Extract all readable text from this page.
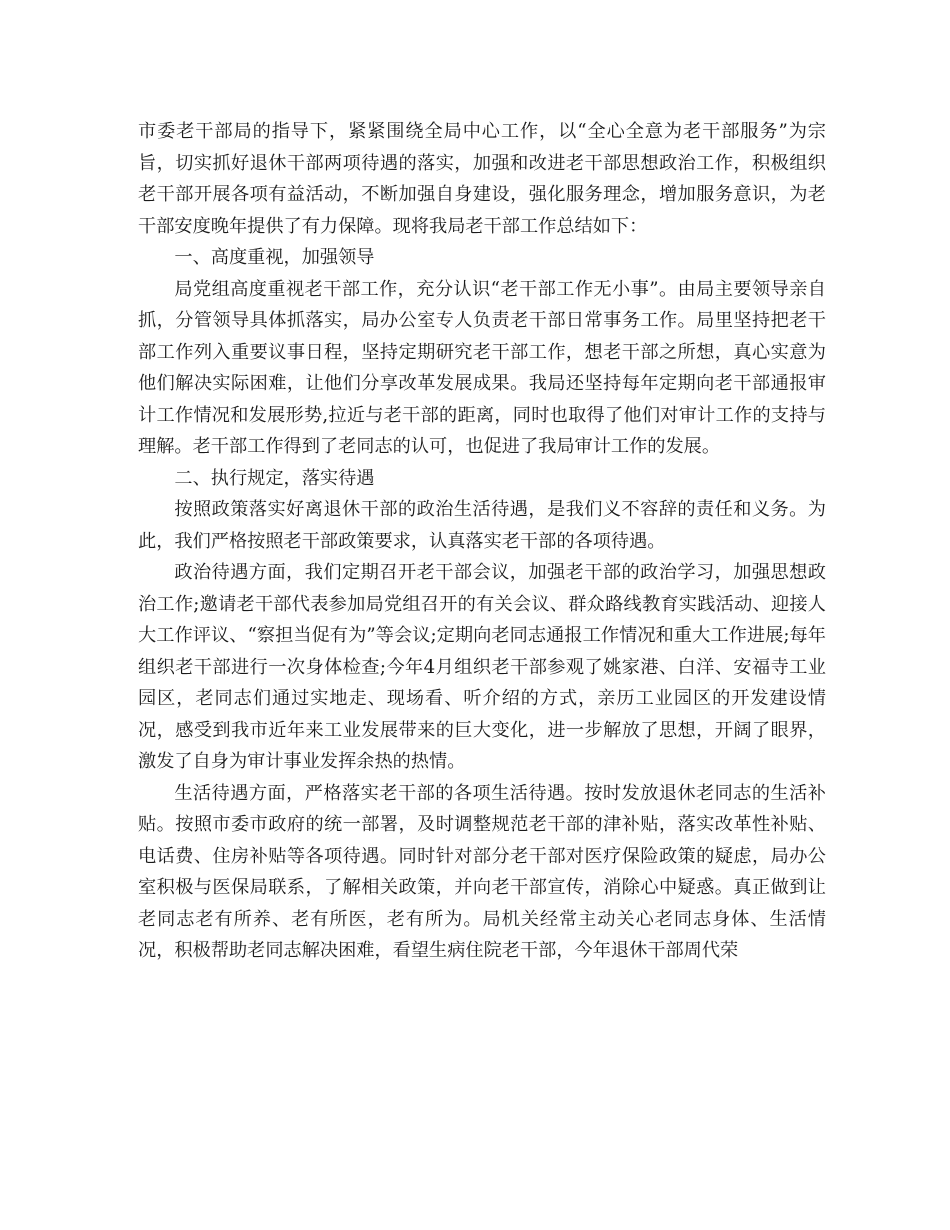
市委老干部局的指导下，紧紧围绕全局中心工作，以“全心全意为老干部服务”为宗旨，切实抓好退休干部两项待遇的落实，加强和改进老干部思想政治工作，积极组织老干部开展各项有益活动，不断加强自身建设，强化服务理念，增加服务意识，为老干部安度晚年提供了有力保障。现将我局老干部工作总结如下：

一、高度重视，加强领导

局党组高度重视老干部工作，充分认识“老干部工作无小事”。由局主要领导亲自抓，分管领导具体抓落实，局办公室专人负责老干部日常事务工作。局里坚持把老干部工作列入重要议事日程，坚持定期研究老干部工作，想老干部之所想，真心实意为他们解决实际困难，让他们分享改革发展成果。我局还坚持每年定期向老干部通报审计工作情况和发展形势,拉近与老干部的距离，同时也取得了他们对审计工作的支持与理解。老干部工作得到了老同志的认可，也促进了我局审计工作的发展。

二、执行规定，落实待遇

按照政策落实好离退休干部的政治生活待遇，是我们义不容辞的责任和义务。为此，我们严格按照老干部政策要求，认真落实老干部的各项待遇。

政治待遇方面，我们定期召开老干部会议，加强老干部的政治学习，加强思想政治工作;邀请老干部代表参加局党组召开的有关会议、群众路线教育实践活动、迎接人大工作评议、“察担当促有为”等会议;定期向老同志通报工作情况和重大工作进展;每年组织老干部进行一次身体检查;今年4月组织老干部参观了姚家港、白洋、安福寺工业园区，老同志们通过实地走、现场看、听介绍的方式，亲历工业园区的开发建设情况，感受到我市近年来工业发展带来的巨大变化，进一步解放了思想，开阔了眼界，激发了自身为审计事业发挥余热的热情。

生活待遇方面，严格落实老干部的各项生活待遇。按时发放退休老同志的生活补贴。按照市委市政府的统一部署，及时调整规范老干部的津补贴，落实改革性补贴、电话费、住房补贴等各项待遇。同时针对部分老干部对医疗保险政策的疑虑，局办公室积极与医保局联系，了解相关政策，并向老干部宣传，消除心中疑惑。真正做到让老同志老有所养、老有所医，老有所为。局机关经常主动关心老同志身体、生活情况，积极帮助老同志解决困难，看望生病住院老干部，今年退休干部周代荣
